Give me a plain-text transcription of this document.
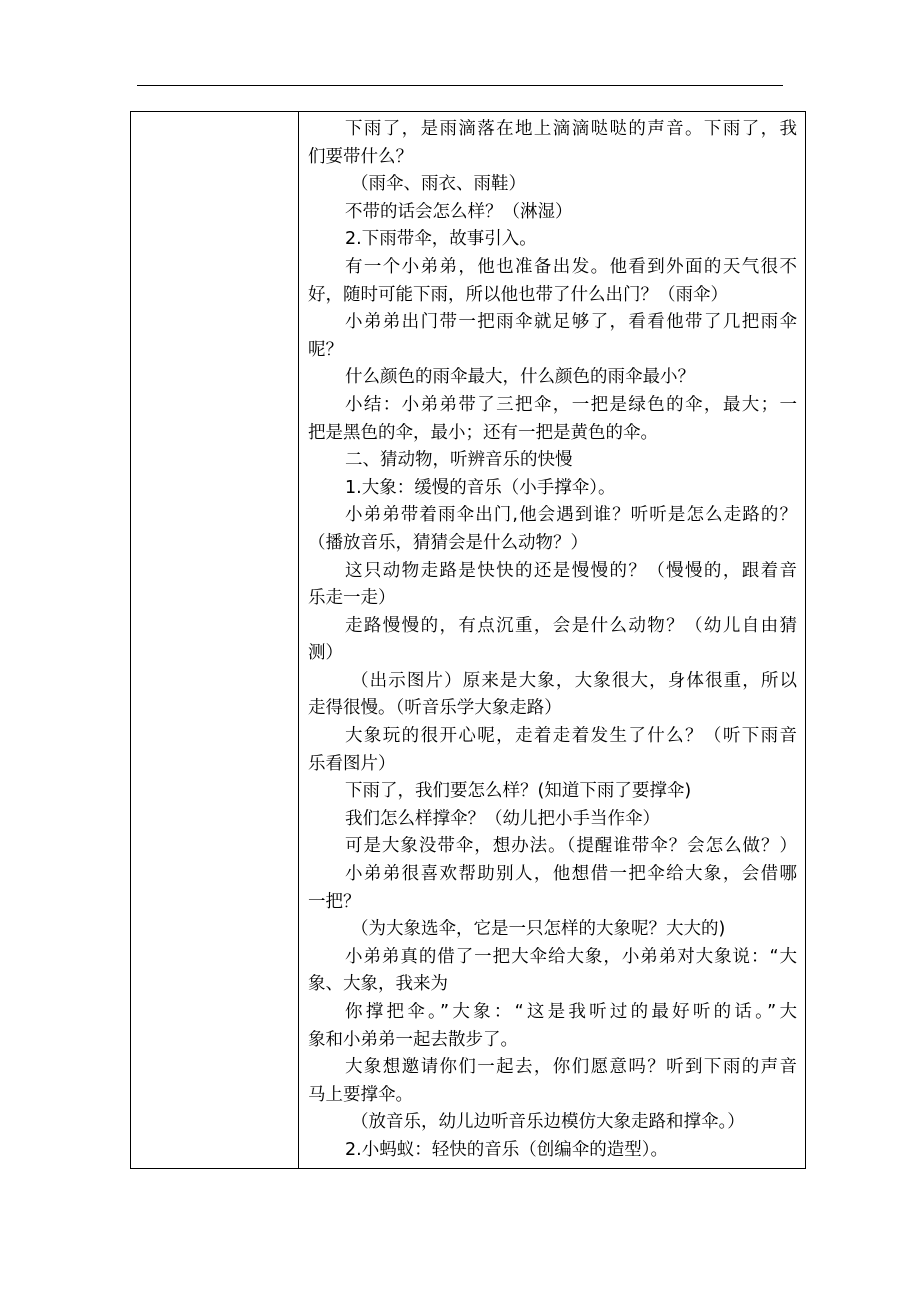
下雨了，是雨滴落在地上滴滴哒哒的声音。下雨了，我
们要带什么？
（雨伞、雨衣、雨鞋）
不带的话会怎么样？（淋湿）
2.下雨带伞，故事引入。
有一个小弟弟，他也准备出发。他看到外面的天气很不
好，随时可能下雨，所以他也带了什么出门？（雨伞）
小弟弟出门带一把雨伞就足够了，看看他带了几把雨伞
呢？
什么颜色的雨伞最大，什么颜色的雨伞最小？
小结：小弟弟带了三把伞，一把是绿色的伞，最大；一
把是黑色的伞，最小；还有一把是黄色的伞。
二、猜动物，听辨音乐的快慢
1.大象：缓慢的音乐（小手撑伞）。
小弟弟带着雨伞出门,他会遇到谁？听听是怎么走路的？
（播放音乐，猜猜会是什么动物？）
这只动物走路是快快的还是慢慢的？（慢慢的，跟着音
乐走一走）
走路慢慢的，有点沉重，会是什么动物？（幼儿自由猜
测）
（出示图片）原来是大象，大象很大，身体很重，所以
走得很慢。（听音乐学大象走路）
大象玩的很开心呢，走着走着发生了什么？（听下雨音
乐看图片）
下雨了，我们要怎么样？(知道下雨了要撑伞)
我们怎么样撑伞？（幼儿把小手当作伞）
可是大象没带伞，想办法。（提醒谁带伞？会怎么做？）
小弟弟很喜欢帮助别人，他想借一把伞给大象，会借哪
一把？
（为大象选伞，它是一只怎样的大象呢？大大的)
小弟弟真的借了一把大伞给大象，小弟弟对大象说：“大
象、大象，我来为
你撑把伞。”大象：“这是我听过的最好听的话。”大
象和小弟弟一起去散步了。
大象想邀请你们一起去，你们愿意吗？听到下雨的声音
马上要撑伞。
（放音乐，幼儿边听音乐边模仿大象走路和撑伞。）
2.小蚂蚁：轻快的音乐（创编伞的造型）。
